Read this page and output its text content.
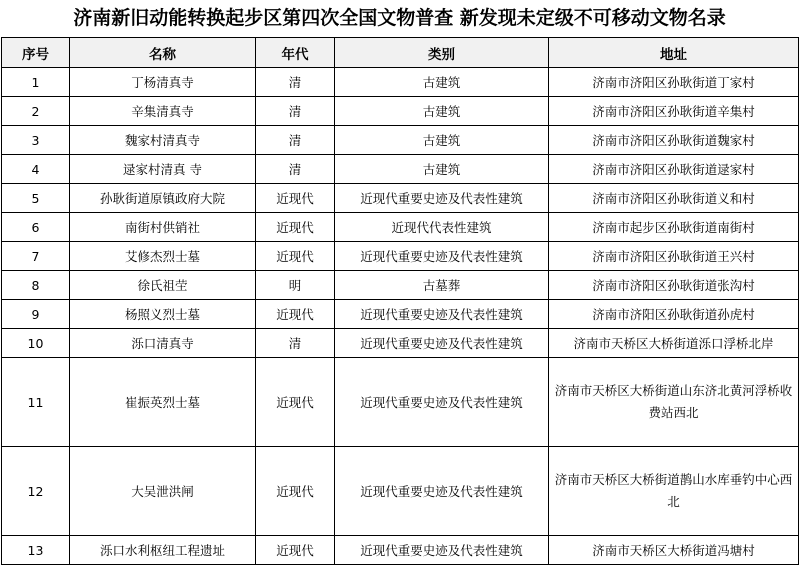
济南新旧动能转换起步区第四次全国文物普查 新发现未定级不可移动文物名录
序号	名称	年代	类别	地址
1	丁杨清真寺	清	古建筑	济南市济阳区孙耿街道丁家村
2	辛集清真寺	清	古建筑	济南市济阳区孙耿街道辛集村
3	魏家村清真寺	清	古建筑	济南市济阳区孙耿街道魏家村
4	逯家村清真 寺	清	古建筑	济南市济阳区孙耿街道逯家村
5	孙耿街道原镇政府大院	近现代	近现代重要史迹及代表性建筑	济南市济阳区孙耿街道义和村
6	南街村供销社	近现代	近现代代表性建筑	济南市起步区孙耿街道南街村
7	艾修杰烈士墓	近现代	近现代重要史迹及代表性建筑	济南市济阳区孙耿街道王兴村
8	徐氏祖茔	明	古墓葬	济南市济阳区孙耿街道张沟村
9	杨照义烈士墓	近现代	近现代重要史迹及代表性建筑	济南市济阳区孙耿街道孙虎村
10	泺口清真寺	清	近现代重要史迹及代表性建筑	济南市天桥区大桥街道泺口浮桥北岸
11	崔振英烈士墓	近现代	近现代重要史迹及代表性建筑	济南市天桥区大桥街道山东济北黄河浮桥收费站西北
12	大吴泄洪闸	近现代	近现代重要史迹及代表性建筑	济南市天桥区大桥街道鹊山水库垂钓中心西北
13	泺口水利枢纽工程遗址	近现代	近现代重要史迹及代表性建筑	济南市天桥区大桥街道冯塘村
